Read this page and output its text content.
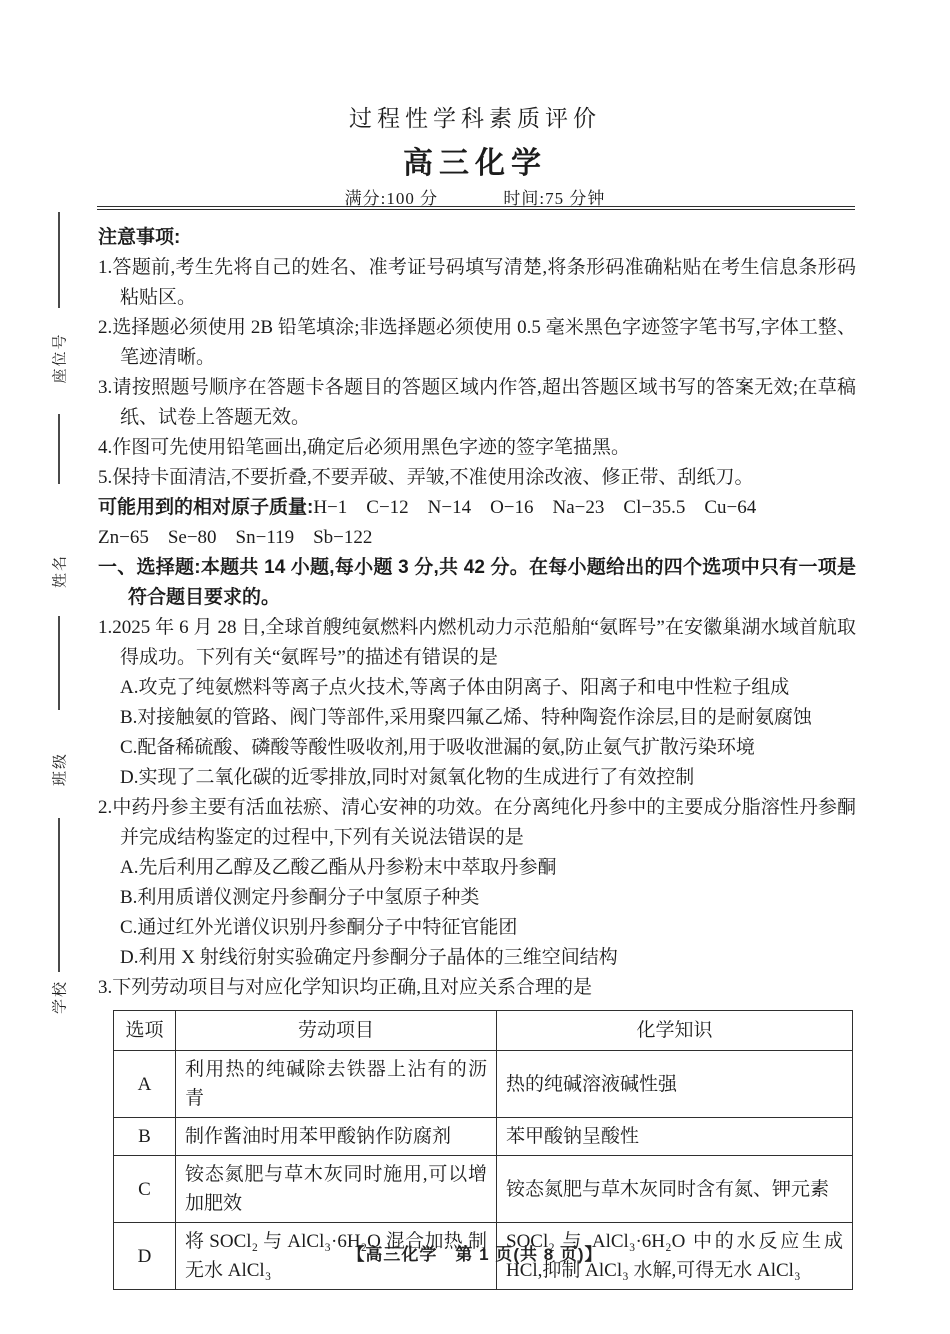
过程性学科素质评价
高三化学
满分:100 分	时间:75 分钟
座位号
姓名
班级
学校
注意事项:
1.答题前,考生先将自己的姓名、准考证号码填写清楚,将条形码准确粘贴在考生信息条形码粘贴区。
2.选择题必须使用 2B 铅笔填涂;非选择题必须使用 0.5 毫米黑色字迹签字笔书写,字体工整、笔迹清晰。
3.请按照题号顺序在答题卡各题目的答题区域内作答,超出答题区域书写的答案无效;在草稿纸、试卷上答题无效。
4.作图可先使用铅笔画出,确定后必须用黑色字迹的签字笔描黑。
5.保持卡面清洁,不要折叠,不要弄破、弄皱,不准使用涂改液、修正带、刮纸刀。
可能用到的相对原子质量:H−1　C−12　N−14　O−16　Na−23　Cl−35.5　Cu−64
Zn−65　Se−80　Sn−119　Sb−122
一、选择题:本题共 14 小题,每小题 3 分,共 42 分。在每小题给出的四个选项中只有一项是符合题目要求的。
1.2025 年 6 月 28 日,全球首艘纯氨燃料内燃机动力示范船舶“氨晖号”在安徽巢湖水域首航取得成功。下列有关“氨晖号”的描述有错误的是
A.攻克了纯氨燃料等离子点火技术,等离子体由阴离子、阳离子和电中性粒子组成
B.对接触氨的管路、阀门等部件,采用聚四氟乙烯、特种陶瓷作涂层,目的是耐氨腐蚀
C.配备稀硫酸、磷酸等酸性吸收剂,用于吸收泄漏的氨,防止氨气扩散污染环境
D.实现了二氧化碳的近零排放,同时对氮氧化物的生成进行了有效控制
2.中药丹参主要有活血祛瘀、清心安神的功效。在分离纯化丹参中的主要成分脂溶性丹参酮并完成结构鉴定的过程中,下列有关说法错误的是
A.先后利用乙醇及乙酸乙酯从丹参粉末中萃取丹参酮
B.利用质谱仪测定丹参酮分子中氢原子种类
C.通过红外光谱仪识别丹参酮分子中特征官能团
D.利用 X 射线衍射实验确定丹参酮分子晶体的三维空间结构
3.下列劳动项目与对应化学知识均正确,且对应关系合理的是
选项	劳动项目	化学知识
A	利用热的纯碱除去铁器上沾有的沥青	热的纯碱溶液碱性强
B	制作酱油时用苯甲酸钠作防腐剂	苯甲酸钠呈酸性
C	铵态氮肥与草木灰同时施用,可以增加肥效	铵态氮肥与草木灰同时含有氮、钾元素
D	将 SOCl₂ 与 AlCl₃·6H₂O 混合加热,制无水 AlCl₃	SOCl₂ 与 AlCl₃·6H₂O 中的水反应生成 HCl,抑制 AlCl₃ 水解,可得无水 AlCl₃
【高三化学　第 1 页(共 8 页)】
